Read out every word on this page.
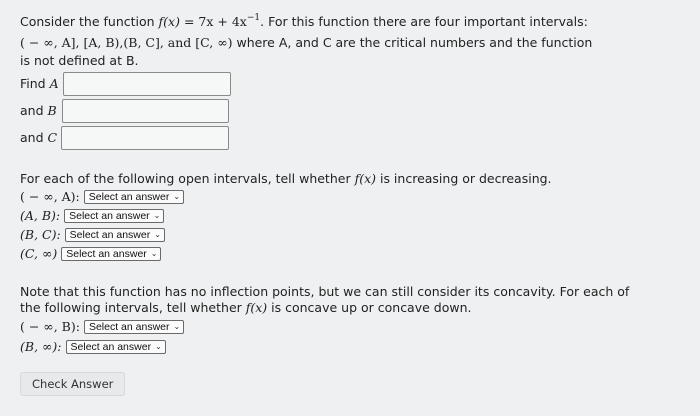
Consider the function $f(x) = 7x + 4x^{-1}$. For this function there are four important intervals:
( − ∞, A], [A, B),(B, C], and [C, ∞) where A, and C are the critical numbers and the function
is not defined at B.
Find A
and B
and C
For each of the following open intervals, tell whether f(x) is increasing or decreasing.
( − ∞, A): Select an answer ⌄
(A, B): Select an answer ⌄
(B, C): Select an answer ⌄
(C, ∞) Select an answer ⌄
Note that this function has no inflection points, but we can still consider its concavity. For each of
the following intervals, tell whether f(x) is concave up or concave down.
( − ∞, B): Select an answer ⌄
(B, ∞): Select an answer ⌄
Check Answer
